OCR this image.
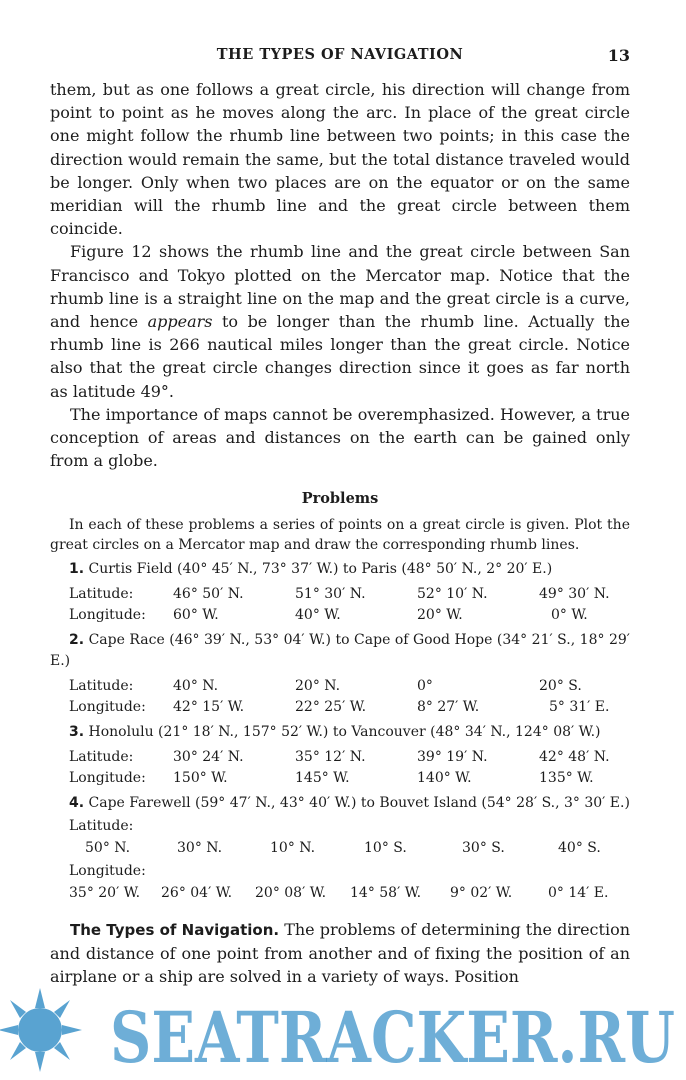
THE TYPES OF NAVIGATION	13

them, but as one follows a great circle, his direction will change from point to point as he moves along the arc. In place of the great circle one might follow the rhumb line between two points; in this case the direction would remain the same, but the total distance traveled would be longer. Only when two places are on the equator or on the same meridian will the rhumb line and the great circle between them coincide.

Figure 12 shows the rhumb line and the great circle between San Francisco and Tokyo plotted on the Mercator map. Notice that the rhumb line is a straight line on the map and the great circle is a curve, and hence appears to be longer than the rhumb line. Actually the rhumb line is 266 nautical miles longer than the great circle. Notice also that the great circle changes direction since it goes as far north as latitude 49°.

The importance of maps cannot be overemphasized. However, a true conception of areas and distances on the earth can be gained only from a globe.

Problems

In each of these problems a series of points on a great circle is given. Plot the great circles on a Mercator map and draw the corresponding rhumb lines.

1. Curtis Field (40° 45′ N., 73° 37′ W.) to Paris (48° 50′ N., 2° 20′ E.)

Latitude:	46° 50′ N.	51° 30′ N.	52° 10′ N.	49° 30′ N.
Longitude:	60° W.	40° W.	20° W.	0° W.

2. Cape Race (46° 39′ N., 53° 04′ W.) to Cape of Good Hope (34° 21′ S., 18° 29′ E.)

Latitude:	40° N.	20° N.	0°	20° S.
Longitude:	42° 15′ W.	22° 25′ W.	8° 27′ W.	5° 31′ E.

3. Honolulu (21° 18′ N., 157° 52′ W.) to Vancouver (48° 34′ N., 124° 08′ W.)

Latitude:	30° 24′ N.	35° 12′ N.	39° 19′ N.	42° 48′ N.
Longitude:	150° W.	145° W.	140° W.	135° W.

4. Cape Farewell (59° 47′ N., 43° 40′ W.) to Bouvet Island (54° 28′ S., 3° 30′ E.)

Latitude:
50° N.	30° N.	10° N.	10° S.	30° S.	40° S.
Longitude:
35° 20′ W.	26° 04′ W.	20° 08′ W.	14° 58′ W.	9° 02′ W.	0° 14′ E.

The Types of Navigation. The problems of determining the direction and distance of one point from another and of fixing the position of an airplane or a ship are solved in a variety of ways. Position

SEATRACKER.RU
